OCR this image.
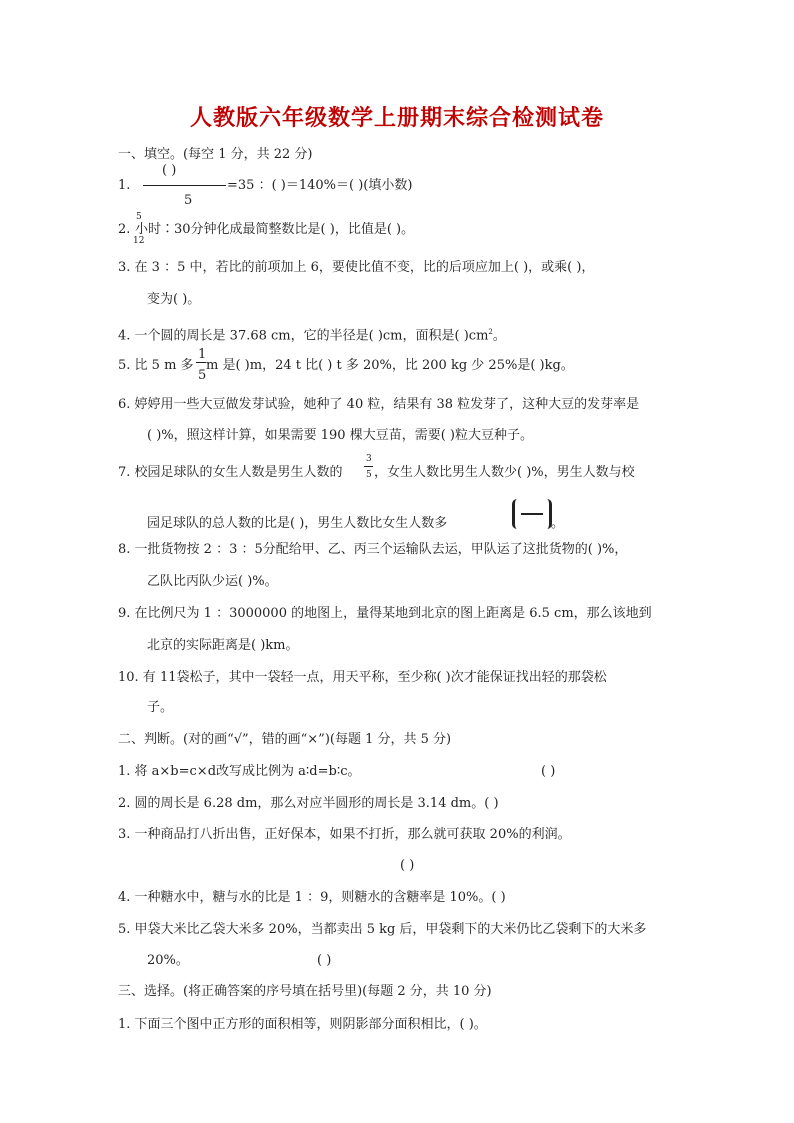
人教版六年级数学上册期末综合检测试卷
一、填空。(每空 1 分，共 22 分)
( )
1.	=35 ：( )＝140%＝( )(填小数)
5
5
2. 小时∶30分钟化成最简整数比是( )，比值是( )。
12
3. 在 3 ：5 中，若比的前项加上 6，要使比值不变，比的后项应加上( )，或乘( )，
变为( )。
4. 一个圆的周长是 37.68 cm，它的半径是( )cm，面积是( )$cm^2$。
5. 比 5 m 多
1
5
m 是( )m，24 t 比( ) t 多 20%，比 200 kg 少 25%是( )kg。
6. 婷婷用一些大豆做发芽试验，她种了 40 粒，结果有 38 粒发芽了，这种大豆的发芽率是
( )%，照这样计算，如果需要 190 棵大豆苗，需要( )粒大豆种子。
7. 校园足球队的女生人数是男生人数的
3
5 ，女生人数比男生人数少( )%，男生人数与校
园足球队的总人数的比是( )，男生人数比女生人数多	。
8. 一批货物按 2 ：3 ：5分配给甲、乙、丙三个运输队去运，甲队运了这批货物的( )%，
乙队比丙队少运( )%。
9. 在比例尺为 1 ：3000000 的地图上，量得某地到北京的图上距离是 6.5 cm，那么该地到
北京的实际距离是( )km。
10. 有 11袋松子，其中一袋轻一点，用天平称，至少称( )次才能保证找出轻的那袋松
子。
二、判断。(对的画“√”，错的画“×”)(每题 1 分，共 5 分)
1. 将 a×b=c×d改写成比例为 a∶d=b∶c。	( )
2. 圆的周长是 6.28 dm，那么对应半圆形的周长是 3.14 dm。( )
3. 一种商品打八折出售，正好保本，如果不打折，那么就可获取 20%的利润。
( )
4. 一种糖水中，糖与水的比是 1 ：9，则糖水的含糖率是 10%。( )
5. 甲袋大米比乙袋大米多 20%，当都卖出 5 kg 后，甲袋剩下的大米仍比乙袋剩下的大米多
20%。	( )
三、选择。(将正确答案的序号填在括号里)(每题 2 分，共 10 分)
1. 下面三个图中正方形的面积相等，则阴影部分面积相比，( )。
